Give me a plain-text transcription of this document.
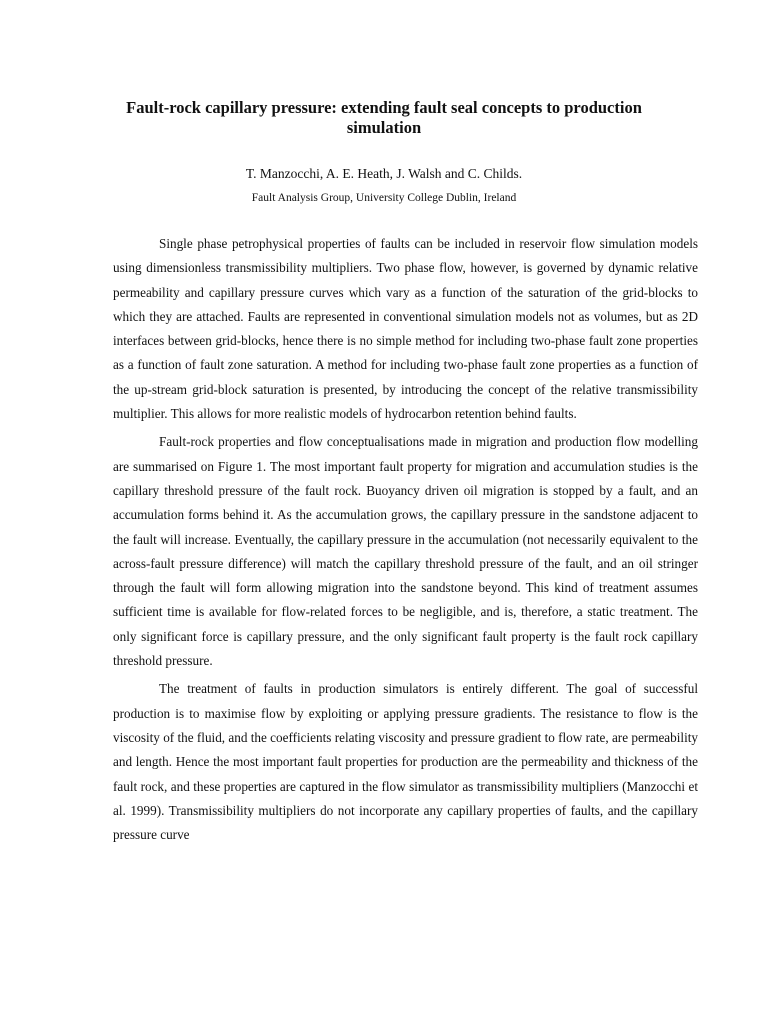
Fault-rock capillary pressure: extending fault seal concepts to production simulation

T. Manzocchi, A. E. Heath, J. Walsh and C. Childs.

Fault Analysis Group, University College Dublin, Ireland

Single phase petrophysical properties of faults can be included in reservoir flow simulation models using dimensionless transmissibility multipliers. Two phase flow, however, is governed by dynamic relative permeability and capillary pressure curves which vary as a function of the saturation of the grid-blocks to which they are attached. Faults are represented in conventional simulation models not as volumes, but as 2D interfaces between grid-blocks, hence there is no simple method for including two-phase fault zone properties as a function of fault zone saturation. A method for including two-phase fault zone properties as a function of the up-stream grid-block saturation is presented, by introducing the concept of the relative transmissibility multiplier. This allows for more realistic models of hydrocarbon retention behind faults.

Fault-rock properties and flow conceptualisations made in migration and production flow modelling are summarised on Figure 1. The most important fault property for migration and accumulation studies is the capillary threshold pressure of the fault rock. Buoyancy driven oil migration is stopped by a fault, and an accumulation forms behind it. As the accumulation grows, the capillary pressure in the sandstone adjacent to the fault will increase. Eventually, the capillary pressure in the accumulation (not necessarily equivalent to the across-fault pressure difference) will match the capillary threshold pressure of the fault, and an oil stringer through the fault will form allowing migration into the sandstone beyond. This kind of treatment assumes sufficient time is available for flow-related forces to be negligible, and is, therefore, a static treatment. The only significant force is capillary pressure, and the only significant fault property is the fault rock capillary threshold pressure.

The treatment of faults in production simulators is entirely different. The goal of successful production is to maximise flow by exploiting or applying pressure gradients. The resistance to flow is the viscosity of the fluid, and the coefficients relating viscosity and pressure gradient to flow rate, are permeability and length. Hence the most important fault properties for production are the permeability and thickness of the fault rock, and these properties are captured in the flow simulator as transmissibility multipliers (Manzocchi et al. 1999). Transmissibility multipliers do not incorporate any capillary properties of faults, and the capillary pressure curve
